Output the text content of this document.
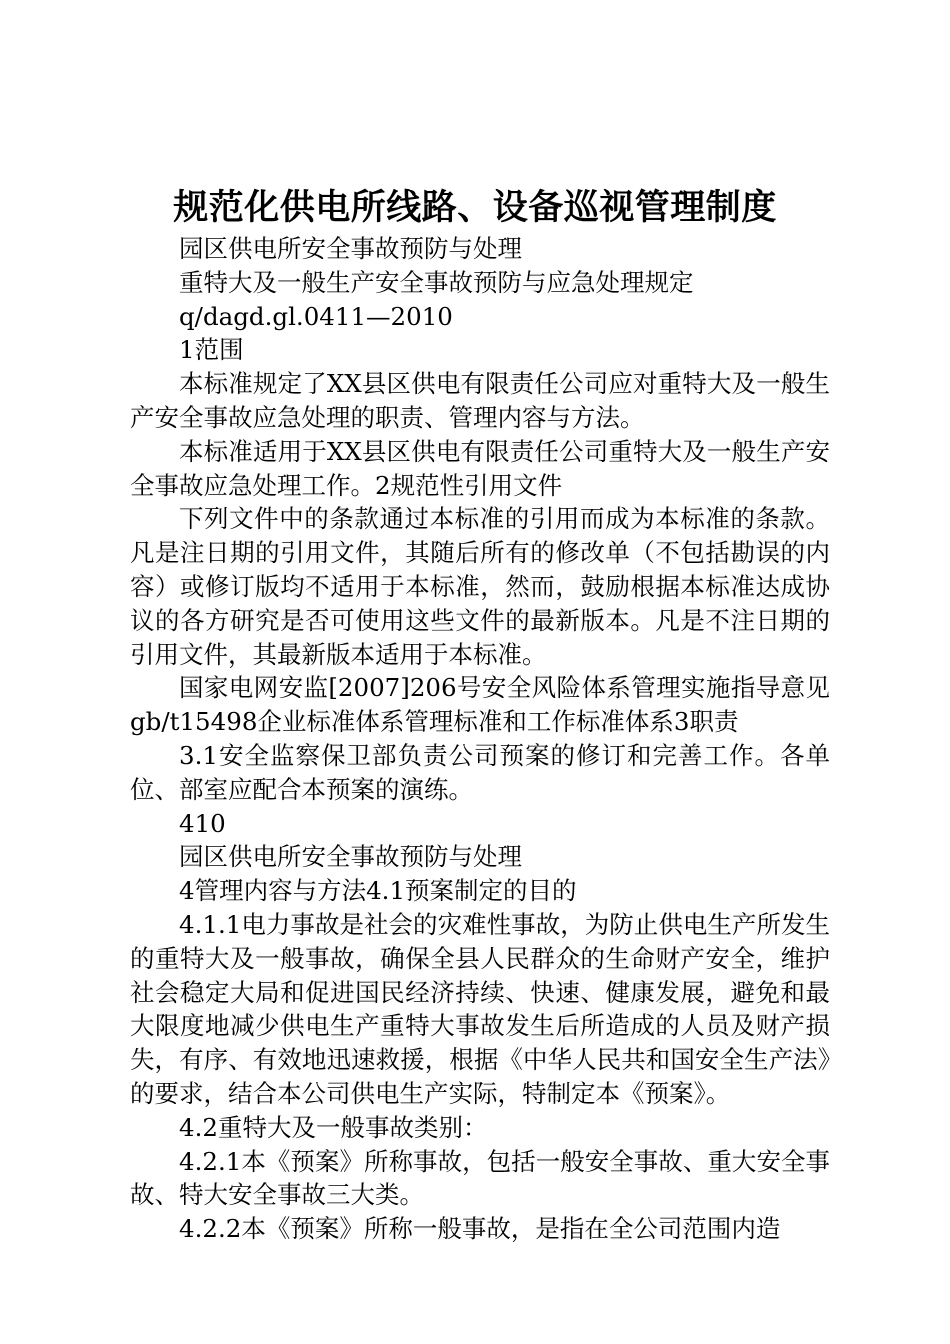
规范化供电所线路、设备巡视管理制度

园区供电所安全事故预防与处理

重特大及一般生产安全事故预防与应急处理规定

q/dagd.gl.0411—2010

1范围

本标准规定了XX县区供电有限责任公司应对重特大及一般生产安全事故应急处理的职责、管理内容与方法。

本标准适用于XX县区供电有限责任公司重特大及一般生产安全事故应急处理工作。2规范性引用文件

下列文件中的条款通过本标准的引用而成为本标准的条款。凡是注日期的引用文件，其随后所有的修改单（不包括勘误的内容）或修订版均不适用于本标准，然而，鼓励根据本标准达成协议的各方研究是否可使用这些文件的最新版本。凡是不注日期的引用文件，其最新版本适用于本标准。

国家电网安监[2007]206号安全风险体系管理实施指导意见gb/t15498企业标准体系管理标准和工作标准体系3职责

3.1安全监察保卫部负责公司预案的修订和完善工作。各单位、部室应配合本预案的演练。

410

园区供电所安全事故预防与处理

4管理内容与方法4.1预案制定的目的

4.1.1电力事故是社会的灾难性事故，为防止供电生产所发生的重特大及一般事故，确保全县人民群众的生命财产安全，维护社会稳定大局和促进国民经济持续、快速、健康发展，避免和最大限度地减少供电生产重特大事故发生后所造成的人员及财产损失，有序、有效地迅速救援，根据《中华人民共和国安全生产法》的要求，结合本公司供电生产实际，特制定本《预案》。

4.2重特大及一般事故类别：

4.2.1本《预案》所称事故，包括一般安全事故、重大安全事故、特大安全事故三大类。

4.2.2本《预案》所称一般事故，是指在全公司范围内造
